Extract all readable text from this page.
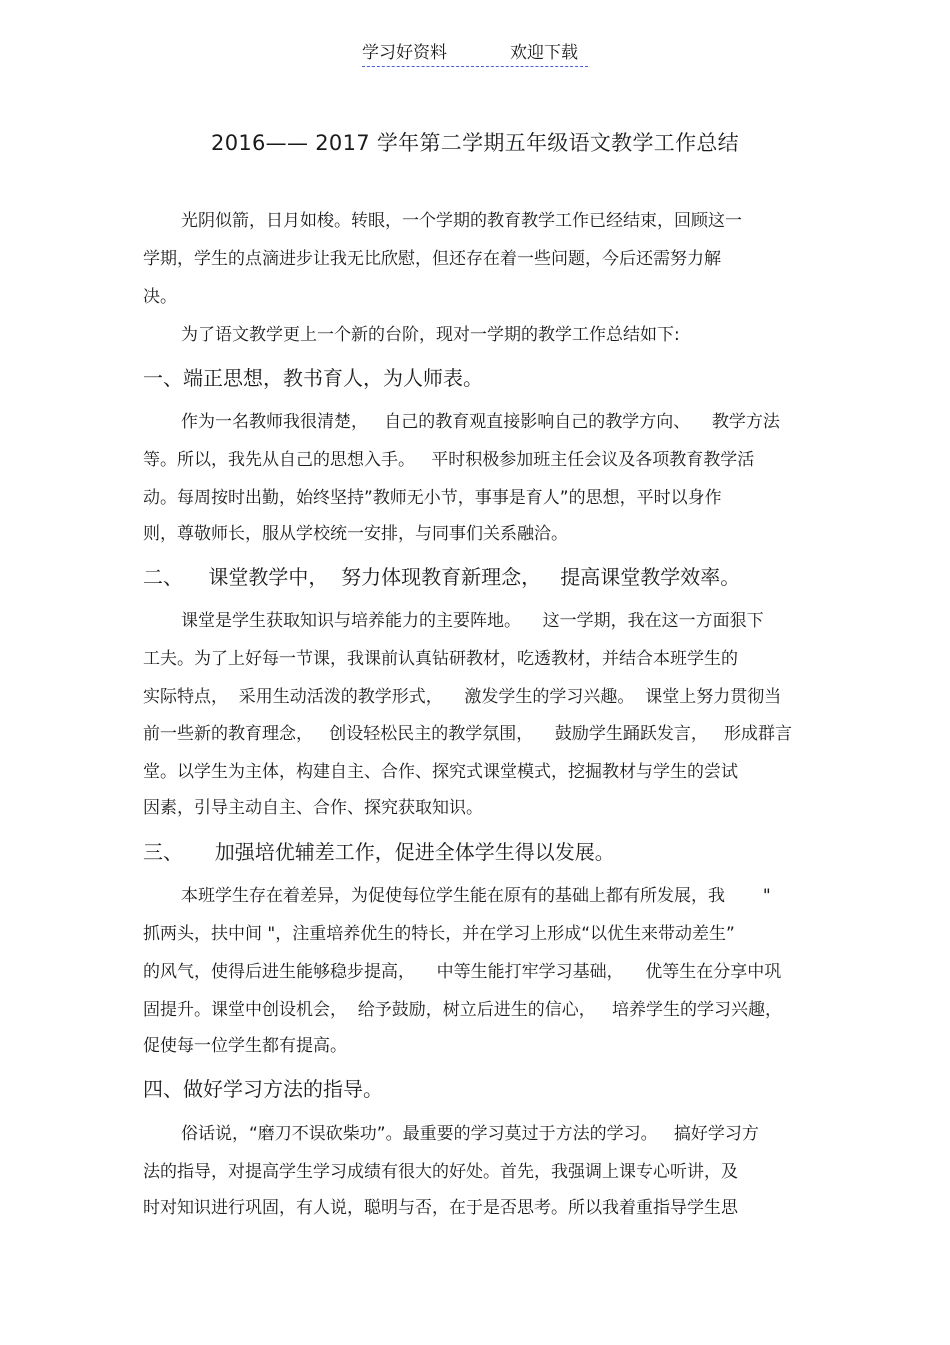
学习好资料	欢迎下载
2016—— 2017 学年第二学期五年级语文教学工作总结
光阴似箭，日月如梭。转眼，一个学期的教育教学工作已经结束，回顾这一
学期，学生的点滴进步让我无比欣慰，但还存在着一些问题，今后还需努力解
决。
为了语文教学更上一个新的台阶，现对一学期的教学工作总结如下:
一、端正思想，教书育人，为人师表。
作为一名教师我很清楚，   自己的教育观直接影响自己的教学方向、    教学方法
等。所以，我先从自己的思想入手。   平时积极参加班主任会议及各项教育教学活
动。每周按时出勤，始终坚持”教师无小节，事事是育人”的思想，平时以身作
则，尊敬师长，服从学校统一安排，与同事们关系融洽。
二、    课堂教学中，  努力体现教育新理念，   提高课堂教学效率。
课堂是学生获取知识与培养能力的主要阵地。    这一学期，我在这一方面狠下
工夫。为了上好每一节课，我课前认真钻研教材，吃透教材，并结合本班学生的
实际特点，  采用生动活泼的教学形式，    激发学生的学习兴趣。  课堂上努力贯彻当
前一些新的教育理念，   创设轻松民主的教学氛围，    鼓励学生踊跃发言，   形成群言
堂。以学生为主体，构建自主、合作、探究式课堂模式，挖掘教材与学生的尝试
因素，引导主动自主、合作、探究获取知识。
三、     加强培优辅差工作，促进全体学生得以发展。
本班学生存在着差异，为促使每位学生能在原有的基础上都有所发展，我       "
抓两头，扶中间 "，注重培养优生的特长，并在学习上形成“以优生来带动差生”
的风气，使得后进生能够稳步提高，    中等生能打牢学习基础，    优等生在分享中巩
固提升。课堂中创设机会，  给予鼓励，树立后进生的信心，   培养学生的学习兴趣，
促使每一位学生都有提高。
四、做好学习方法的指导。
俗话说，“磨刀不误砍柴功”。最重要的学习莫过于方法的学习。   搞好学习方
法的指导，对提高学生学习成绩有很大的好处。首先，我强调上课专心听讲，及
时对知识进行巩固，有人说，聪明与否，在于是否思考。所以我着重指导学生思
